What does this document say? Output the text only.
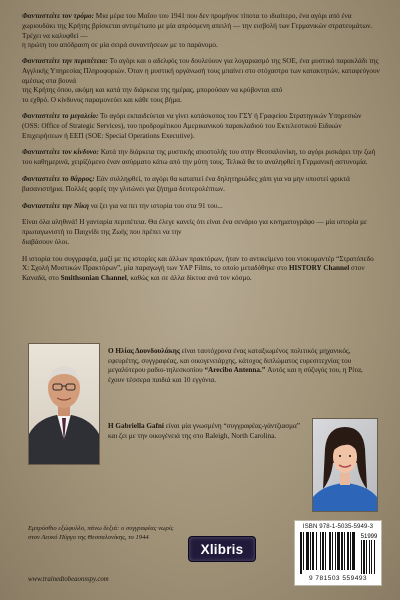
Φανταστείτε τον τρόμο: Μια μέρα του Μαΐου του 1941 που δεν προμήνυε τίποτα το ιδιαίτερο, ένα αγόρι από ένα χωριουδάκι της Κρήτης βρίσκεται αντιμέτωπο με μία απρόσμενη απειλή — την εισβολή των Γερμανικών στρατευμάτων. Τρέχει να καλυφθεί —
η πρώτη του απόδραση σε μία σειρά συναντήσεων με το παράνομο.

Φανταστείτε την περιπέτεια: Το αγόρι και ο αδελφός του δουλεύουν για λογαριασμό της SOE, ένα μυστικό παρακλάδι της Αγγλικής Υπηρεσίας Πληροφοριών. Όταν η μυστική οργάνωσή τους μπαίνει στο στόχαστρο των κατακτητών, καταφεύγουν αμέσως στα βουνά
της Κρήτης όπου, ακόμη και κατά την διάρκεια της ημέρας, μπορούσαν να κρύβονται από
το εχθρό. Ο κίνδυνος παραμονεύει και κάθε τους βήμα.

Φανταστείτε το μεγαλείο: Το αγόρι εκπαιδεύεται να γίνει κατάσκοπος του ΓΣΥ ή Γραφείου Στρατηγικών Υπηρεσιών (OSS: Office of Strategic Services), του προδρομίτικου Αμερικανικού παρακλαδιού του Εκτελεστικού Ειδικών Επιχειρήσεων ή ΕΕΠ (SOE: Special Operations Executive).

Φανταστείτε τον κίνδυνο: Κατά την διάρκεια της μυστικής αποστολής του στην Θεσσαλονίκη, το αγόρι ρισκάρει την ζωή του καθημερινά, χειρίζόμενο έναν ασύρματο κάτω από την μύτη τους. Τελικά θα το αναληφθεί η Γερμανική αστυνομία.

Φανταστείτε το θάρρος: Εάν συλληφθεί, το αγόρι θα καταπιεί ένα δηλητηριώδες χάπι για να μην υποστεί φρικτά βασανιστήρια. Πολλές φορές την γλιτώνει για ζήτημα δευτερολέπτων.

Φανταστείτε την Νίκη να ζει για να πει την ιστορία του στα 91 του...

Είναι όλα αληθινά! Η γανταρία περιπέτεια. Θα έλεγε κανείς ότι είναι ένα σενάριο για κινηματογράφο — μία ιστορία με πρωταγωνιστή το Παιχνίδι της Ζωής που πρέπει να την
διαβάσουν όλοι.

Η ιστορία του συγγραφέα, μαζί με τις ιστορίες και άλλων πρακτόρων, ήταν το αντικείμενο του ντοκυμαντέρ “Στρατόπεδο Χ: Σχολή Μυστικών Πρακτόρων”, μία παραγωγή των YAP Films, το οποίο μεταδόθηκε στο HISTORY Channel στον Καναδά, στο Smithsonian Channel, καθώς και σε άλλα δίκτυα ανά τον κόσμο.

Ο Ηλίας Δουνδουλάκης είναι ταυτόχρονα ένας καταξιωμένος πολιτικός μηχανικός, εφευρέτης, συγγραφέας, και οικογενειάρχης, κάτοχος διπλώματος ευρεσιτεχνίας του μεγαλύτερου ραδιο-τηλεσκοπίου “Arecibo Antenna.” Αυτός και η σύζυγός του, η Ρίτα, έχουν τέσσερα παιδιά και 10 εγγόνια.
Η Gabriella Gafni είναι μία γνωσμένη “συγγραφέας-γάντζιασμα” και ζει με την οικογένειά της στο Raleigh, North Carolina.
Εμπρόσθιο εξώφυλλο, πάνω δεξιά: ο συγγραφέας νωρίς στον Λευκό Πύργο της Θεσσαλονίκης, το 1944
www.trainedtobeaonsspy.com
Xlibris
ISBN 978-1-5035-5949-3
51999
9 781503 559493
